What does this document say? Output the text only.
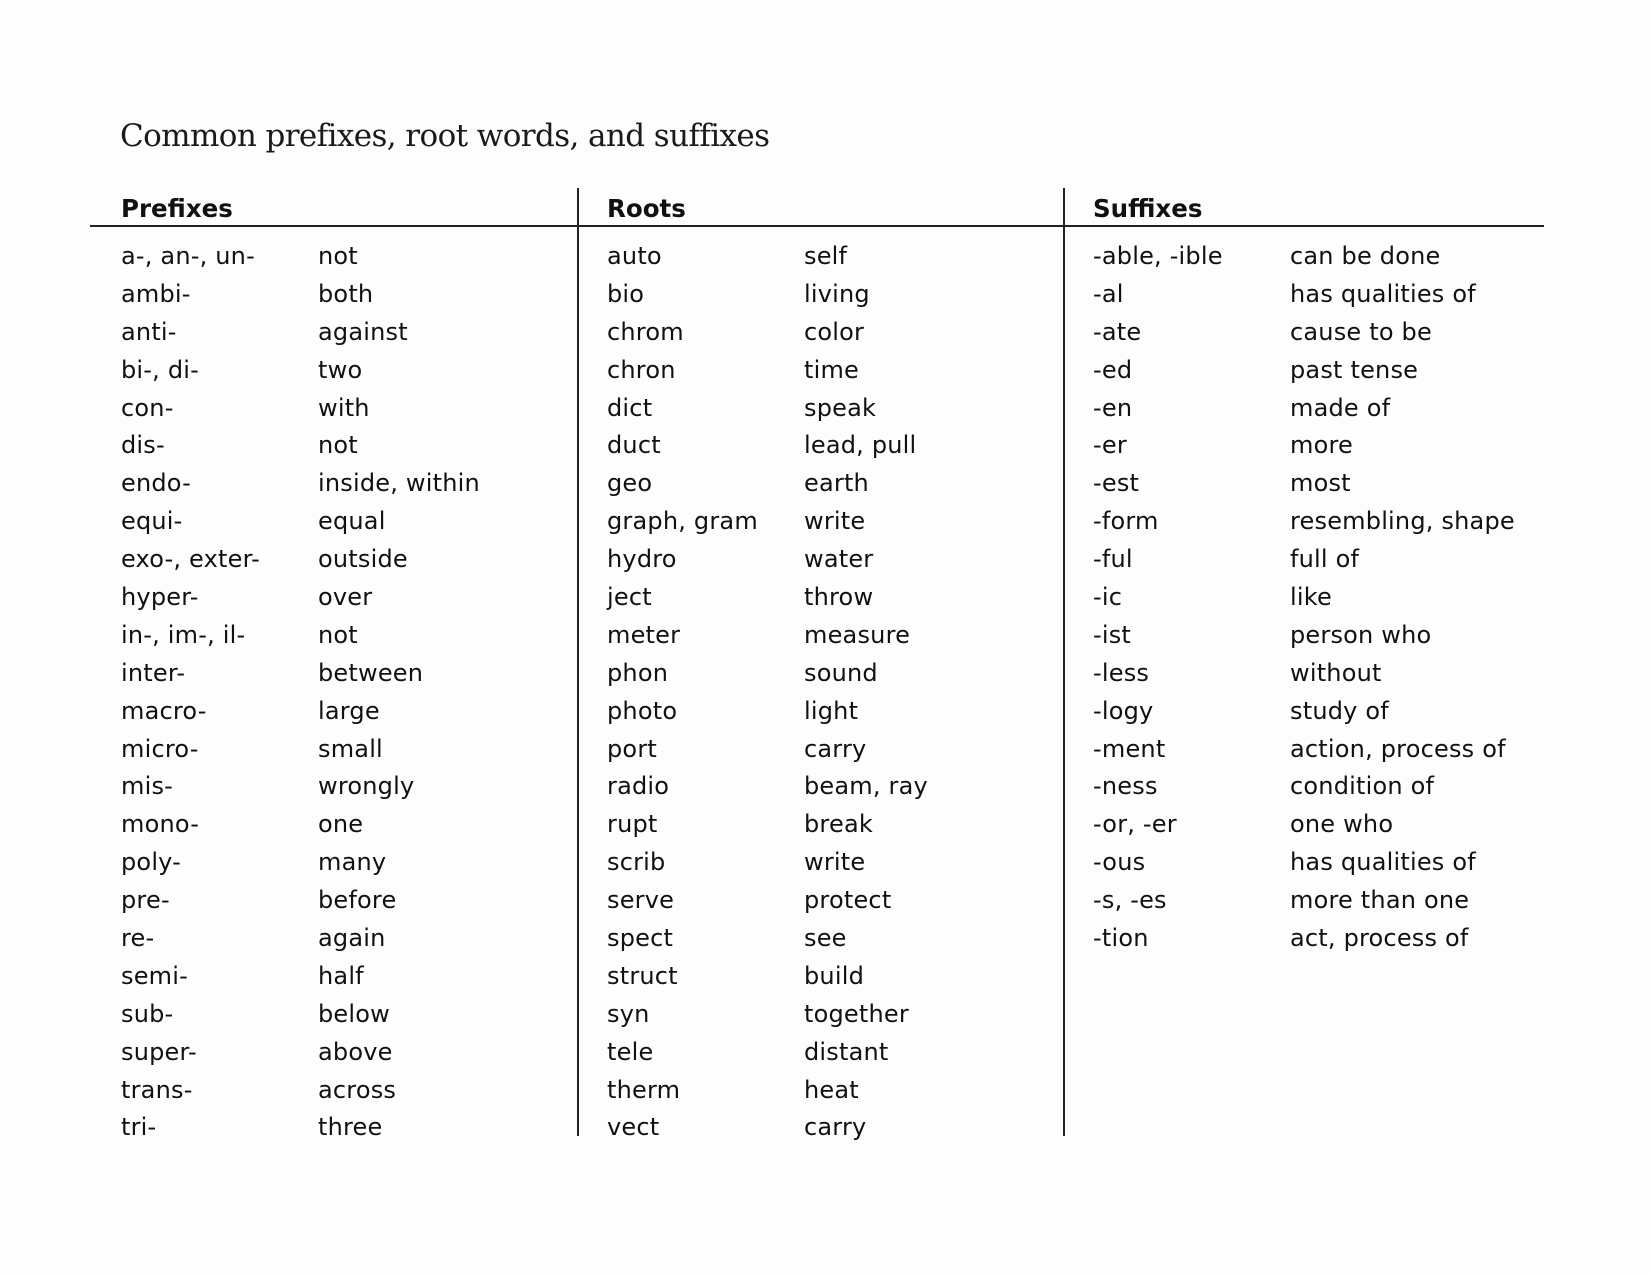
Common prefixes, root words, and suffixes
Prefixes
a-, an-, un-	not
ambi-	both
anti-	against
bi-, di-	two
con-	with
dis-	not
endo-	inside, within
equi-	equal
exo-, exter- outside
hyper-	over
in-, im-, il-	not
inter-	between
macro-	large
micro-	small
mis-	wrongly
mono-	one
poly-	many
pre-	before
re-	again
semi-	half
sub-	below
super-	above
trans-	across
tri-	three
Roots
auto	self
bio	living
chrom	color
chron	time
dict	speak
duct	lead, pull
geo	earth
graph, gram write
hydro	water
ject	throw
meter	measure
phon	sound
photo	light
port	carry
radio	beam, ray
rupt	break
scrib	write
serve	protect
spect	see
struct	build
syn	together
tele	distant
therm	heat
vect	carry
Suffixes
-able, -ible	can be done
-al	has qualities of
-ate	cause to be
-ed	past tense
-en	made of
-er	more
-est	most
-form	resembling, shape
-ful	full of
-ic	like
-ist	person who
-less	without
-logy	study of
-ment	action, process of
-ness	condition of
-or, -er	one who
-ous	has qualities of
-s, -es	more than one
-tion	act, process of
